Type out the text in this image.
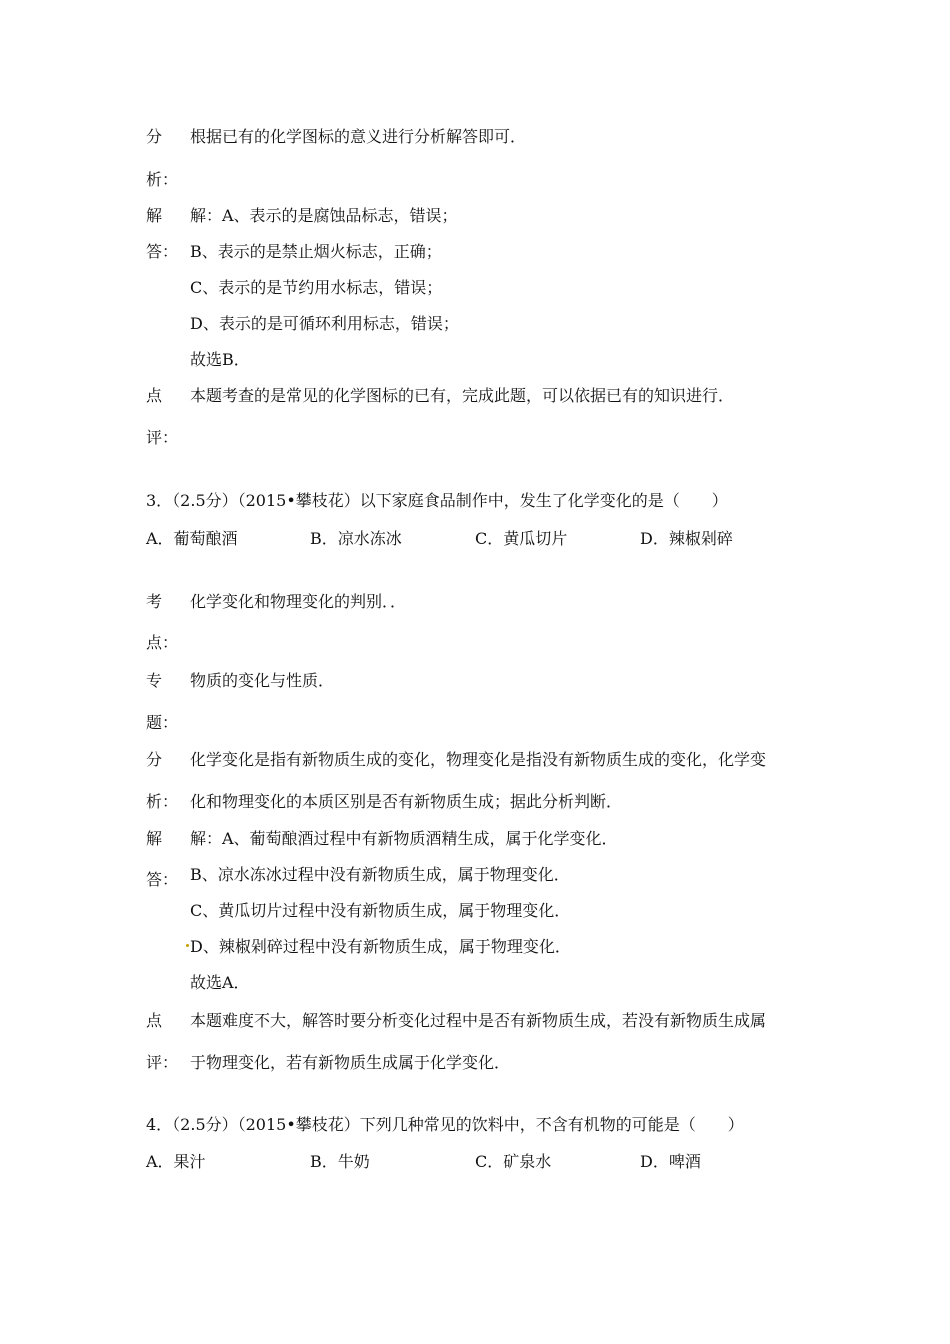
分 根据已有的化学图标的意义进行分析解答即可．
析：
解 解：A、表示的是腐蚀品标志，错误；
答： B、表示的是禁止烟火标志，正确；
C、表示的是节约用水标志，错误；
D、表示的是可循环利用标志，错误；
故选B．
点 本题考查的是常见的化学图标的已有，完成此题，可以依据已有的知识进行．
评：
3．（2.5分）（2015•攀枝花）以下家庭食品制作中，发生了化学变化的是（　　）
A．葡萄酿酒	B．凉水冻冰	C．黄瓜切片	D．辣椒剁碎
考 化学变化和物理变化的判别．．
点：
专 物质的变化与性质．
题：
分 化学变化是指有新物质生成的变化，物理变化是指没有新物质生成的变化，化学变
析： 化和物理变化的本质区别是否有新物质生成；据此分析判断．
解 解：A、葡萄酿酒过程中有新物质酒精生成，属于化学变化．
答： B、凉水冻冰过程中没有新物质生成，属于物理变化．
C、黄瓜切片过程中没有新物质生成，属于物理变化．
D、辣椒剁碎过程中没有新物质生成，属于物理变化．
故选A．
点 本题难度不大，解答时要分析变化过程中是否有新物质生成，若没有新物质生成属
评： 于物理变化，若有新物质生成属于化学变化．
4．（2.5分）（2015•攀枝花）下列几种常见的饮料中，不含有机物的可能是（　　）
A．果汁	B．牛奶	C．矿泉水	D．啤酒
